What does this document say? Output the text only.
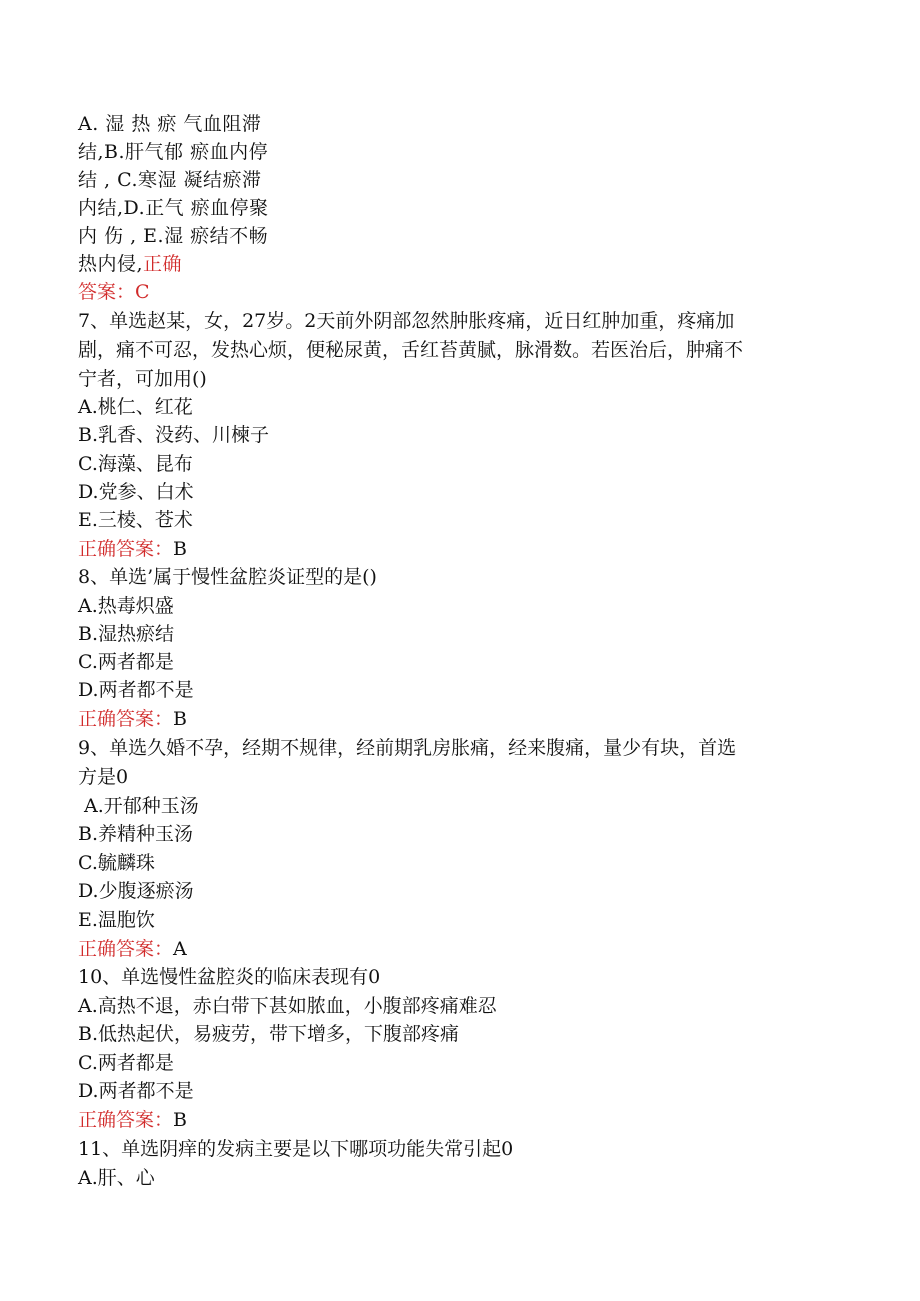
A. 湿 热 瘀 气血阻滞
结,B.肝气郁 瘀血内停
结 , C.寒湿 凝结瘀滞
内结,D.正气 瘀血停聚
内 伤 , E.湿 瘀结不畅
热内侵,正确
答案：C
7、单选赵某，女，27岁。2天前外阴部忽然肿胀疼痛，近日红肿加重，疼痛加
剧，痛不可忍，发热心烦，便秘尿黄，舌红苔黄腻，脉滑数。若医治后，肿痛不
宁者，可加用()
A.桃仁、红花
B.乳香、没药、川楝子
C.海藻、昆布
D.党参、白术
E.三棱、苍术
正确答案：B
8、单选’属于慢性盆腔炎证型的是()
A.热毒炽盛
B.湿热瘀结
C.两者都是
D.两者都不是
正确答案：B
9、单选久婚不孕，经期不规律，经前期乳房胀痛，经来腹痛，量少有块，首选
方是0
A.开郁种玉汤
B.养精种玉汤
C.毓麟珠
D.少腹逐瘀汤
E.温胞饮
正确答案：A
10、单选慢性盆腔炎的临床表现有0
A.高热不退，赤白带下甚如脓血，小腹部疼痛难忍
B.低热起伏，易疲劳，带下增多，下腹部疼痛
C.两者都是
D.两者都不是
正确答案：B
11、单选阴痒的发病主要是以下哪项功能失常引起0
A.肝、心
